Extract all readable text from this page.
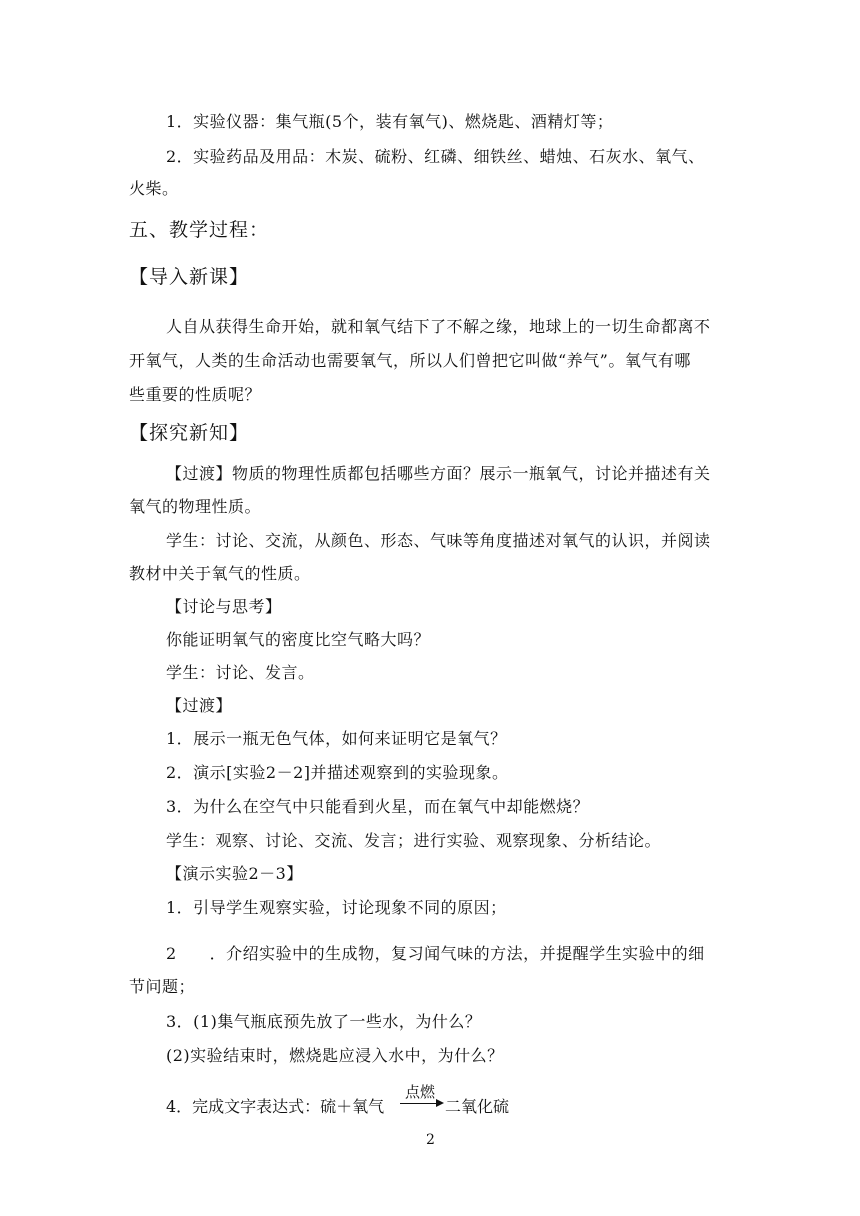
1．实验仪器：集气瓶(5个，装有氧气)、燃烧匙、酒精灯等；
2．实验药品及用品：木炭、硫粉、红磷、细铁丝、蜡烛、石灰水、氧气、
火柴。
五、教学过程：
【导入新课】
人自从获得生命开始，就和氧气结下了不解之缘，地球上的一切生命都离不
开氧气，人类的生命活动也需要氧气，所以人们曾把它叫做“养气”。氧气有哪
些重要的性质呢？
【探究新知】
【过渡】物质的物理性质都包括哪些方面？展示一瓶氧气，讨论并描述有关
氧气的物理性质。
学生：讨论、交流，从颜色、形态、气味等角度描述对氧气的认识，并阅读
教材中关于氧气的性质。
【讨论与思考】
你能证明氧气的密度比空气略大吗？
学生：讨论、发言。
【过渡】
1．展示一瓶无色气体，如何来证明它是氧气？
2．演示[实验2－2]并描述观察到的实验现象。
3．为什么在空气中只能看到火星，而在氧气中却能燃烧？
学生：观察、讨论、交流、发言；进行实验、观察现象、分析结论。
【演示实验2－3】
1．引导学生观察实验，讨论现象不同的原因；
2　　．介绍实验中的生成物，复习闻气味的方法，并提醒学生实验中的细
节问题；
3．(1)集气瓶底预先放了一些水，为什么？
(2)实验结束时，燃烧匙应浸入水中，为什么？
4．完成文字表达式：硫＋氧气
点燃
二氧化硫
2
